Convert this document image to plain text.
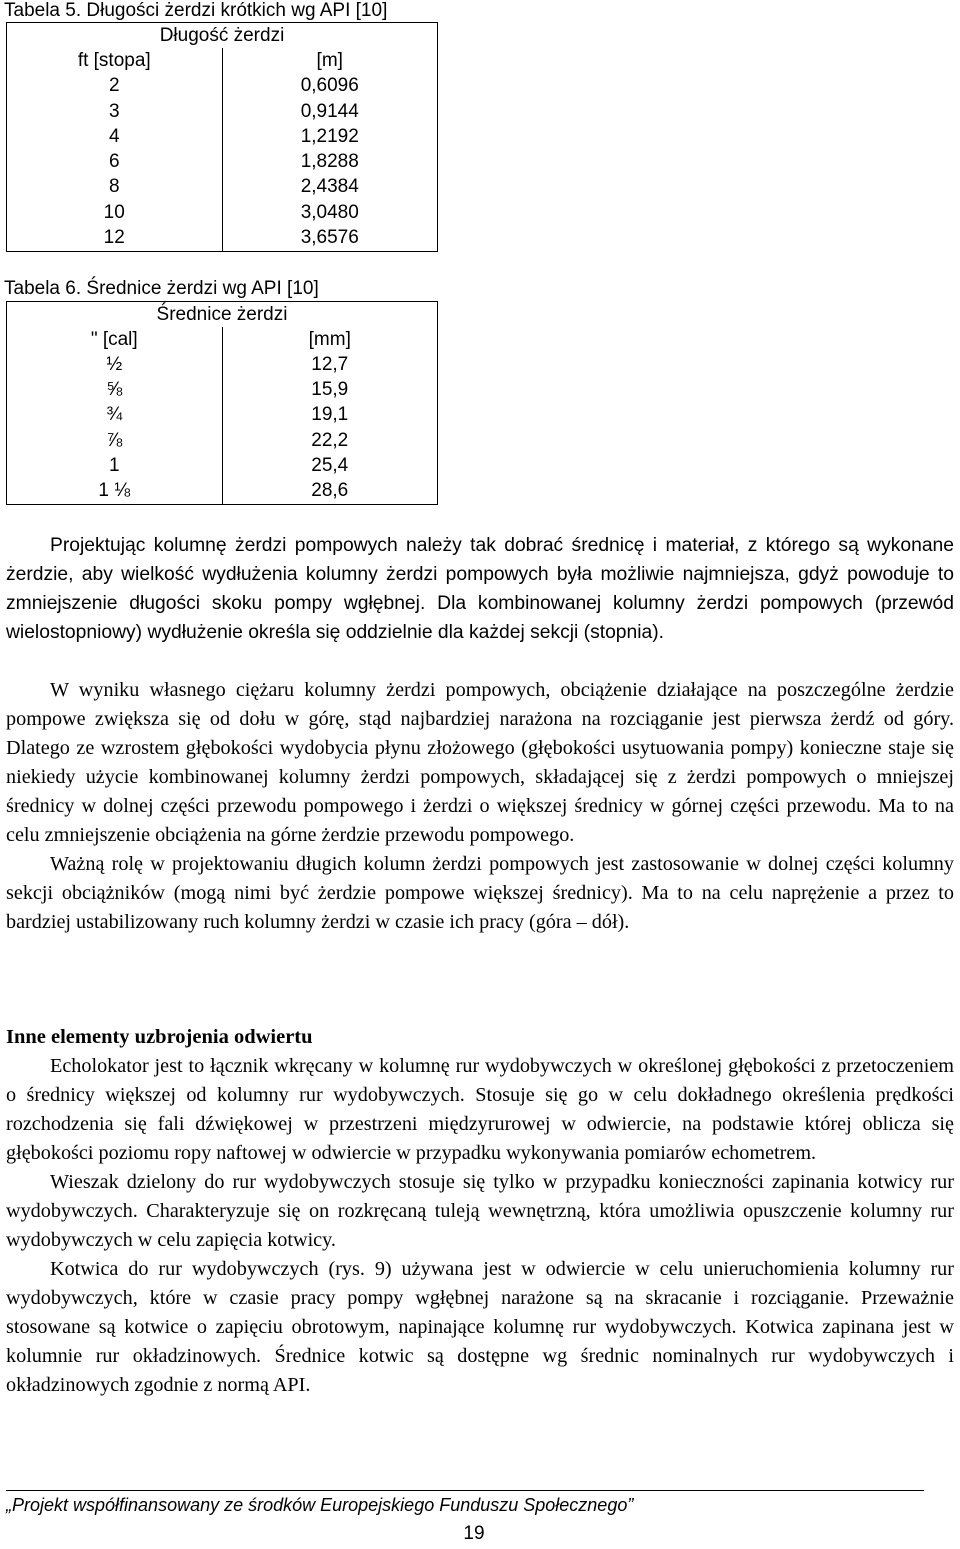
Tabela 5. Długości żerdzi krótkich wg API [10]
Długość żerdzi	
ft [stopa]	[m]
2	0,6096
3	0,9144
4	1,2192
6	1,8288
8	2,4384
10	3,0480
12	3,6576
Tabela 6. Średnice żerdzi wg API [10]
Średnice żerdzi	
" [cal]	[mm]
½	12,7
⅝	15,9
¾	19,1
⅞	22,2
1	25,4
1 ⅛	28,6

Projektując kolumnę żerdzi pompowych należy tak dobrać średnicę i materiał, z którego są wykonane żerdzie, aby wielkość wydłużenia kolumny żerdzi pompowych była możliwie najmniejsza, gdyż powoduje to zmniejszenie długości skoku pompy wgłębnej. Dla kombinowanej kolumny żerdzi pompowych (przewód wielostopniowy) wydłużenie określa się oddzielnie dla każdej sekcji (stopnia).

W wyniku własnego ciężaru kolumny żerdzi pompowych, obciążenie działające na poszczególne żerdzie pompowe zwiększa się od dołu w górę, stąd najbardziej narażona na rozciąganie jest pierwsza żerdź od góry. Dlatego ze wzrostem głębokości wydobycia płynu złożowego (głębokości usytuowania pompy) konieczne staje się niekiedy użycie kombinowanej kolumny żerdzi pompowych, składającej się z żerdzi pompowych o mniejszej średnicy w dolnej części przewodu pompowego i żerdzi o większej średnicy w górnej części przewodu. Ma to na celu zmniejszenie obciążenia na górne żerdzie przewodu pompowego.

Ważną rolę w projektowaniu długich kolumn żerdzi pompowych jest zastosowanie w dolnej części kolumny sekcji obciążników (mogą nimi być żerdzie pompowe większej średnicy). Ma to na celu naprężenie a przez to bardziej ustabilizowany ruch kolumny żerdzi w czasie ich pracy (góra – dół).

Inne elementy uzbrojenia odwiertu

Echolokator jest to łącznik wkręcany w kolumnę rur wydobywczych w określonej głębokości z przetoczeniem o średnicy większej od kolumny rur wydobywczych. Stosuje się go w celu dokładnego określenia prędkości rozchodzenia się fali dźwiękowej w przestrzeni międzyrurowej w odwiercie, na podstawie której oblicza się głębokości poziomu ropy naftowej w odwiercie w przypadku wykonywania pomiarów echometrem.

Wieszak dzielony do rur wydobywczych stosuje się tylko w przypadku konieczności zapinania kotwicy rur wydobywczych. Charakteryzuje się on rozkręcaną tuleją wewnętrzną, która umożliwia opuszczenie kolumny rur wydobywczych w celu zapięcia kotwicy.

Kotwica do rur wydobywczych (rys. 9) używana jest w odwiercie w celu unieruchomienia kolumny rur wydobywczych, które w czasie pracy pompy wgłębnej narażone są na skracanie i rozciąganie. Przeważnie stosowane są kotwice o zapięciu obrotowym, napinające kolumnę rur wydobywczych. Kotwica zapinana jest w kolumnie rur okładzinowych. Średnice kotwic są dostępne wg średnic nominalnych rur wydobywczych i okładzinowych zgodnie z normą API.

„Projekt współfinansowany ze środków Europejskiego Funduszu Społecznego”
19
